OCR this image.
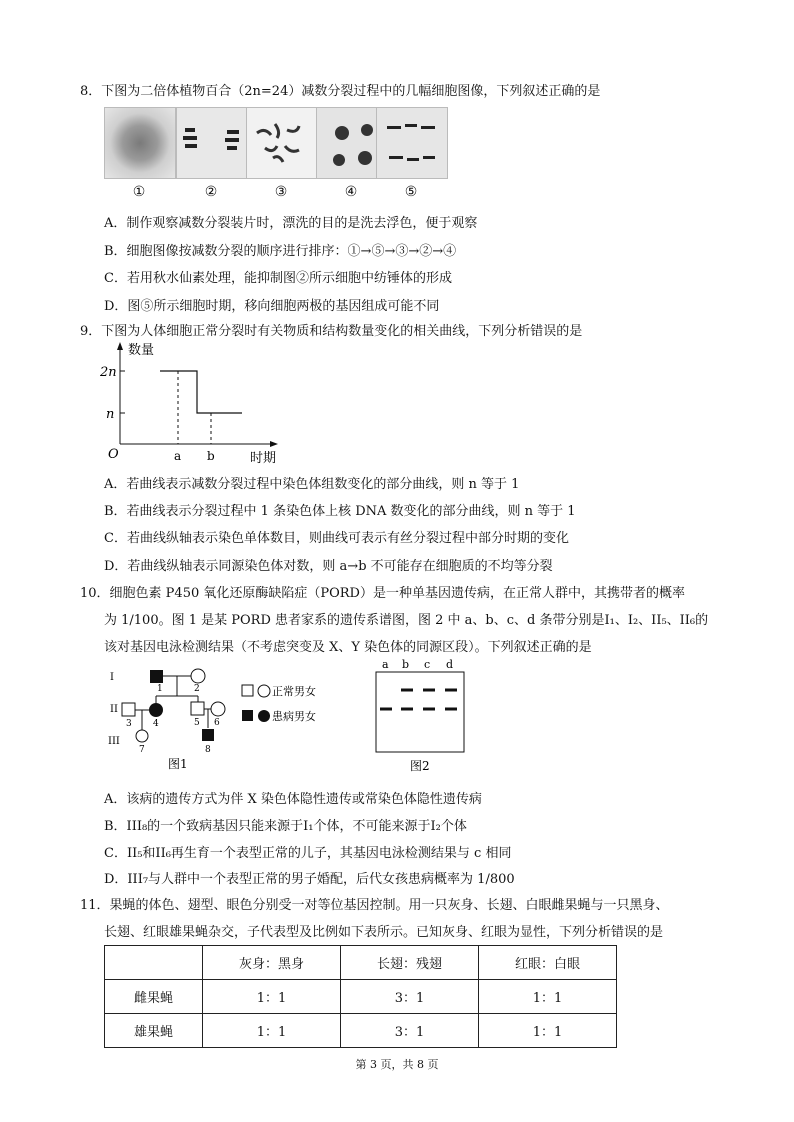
8．下图为二倍体植物百合（2n=24）减数分裂过程中的几幅细胞图像，下列叙述正确的是
①	②	③	④	⑤
A．制作观察减数分裂装片时，漂洗的目的是洗去浮色，便于观察
B．细胞图像按减数分裂的顺序进行排序：①→⑤→③→②→④
C．若用秋水仙素处理，能抑制图②所示细胞中纺锤体的形成
D．图⑤所示细胞时期，移向细胞两极的基因组成可能不同
9．下图为人体细胞正常分裂时有关物质和结构数量变化的相关曲线，下列分析错误的是
数量
时期
O
2n
n
a b
A．若曲线表示减数分裂过程中染色体组数变化的部分曲线，则 n 等于 1
B．若曲线表示分裂过程中 1 条染色体上核 DNA 数变化的部分曲线，则 n 等于 1
C．若曲线纵轴表示染色单体数目，则曲线可表示有丝分裂过程中部分时期的变化
D．若曲线纵轴表示同源染色体对数，则 a→b 不可能存在细胞质的不均等分裂
10．细胞色素 P450 氧化还原酶缺陷症（PORD）是一种单基因遗传病，在正常人群中，其携带者的概率
为 1/100。图 1 是某 PORD 患者家系的遗传系谱图，图 2 中 a、b、c、d 条带分别是I₁、I₂、II₅、II₆的
该对基因电泳检测结果（不考虑突变及 X、Y 染色体的同源区段）。下列叙述正确的是
I
II
III
1	2
3 4	5 6
7	8
正常男女
患病男女
图1
a b c d
图2
A．该病的遗传方式为伴 X 染色体隐性遗传或常染色体隐性遗传病
B．III₈的一个致病基因只能来源于I₁个体，不可能来源于I₂个体
C．II₅和II₆再生育一个表型正常的儿子，其基因电泳检测结果与 c 相同
D．III₇与人群中一个表型正常的男子婚配，后代女孩患病概率为 1/800
11．果蝇的体色、翅型、眼色分别受一对等位基因控制。用一只灰身、长翅、白眼雌果蝇与一只黑身、
长翅、红眼雄果蝇杂交，子代表型及比例如下表所示。已知灰身、红眼为显性，下列分析错误的是
	灰身：黑身	长翅：残翅	红眼：白眼
雌果蝇	1：1	3：1	1：1
雄果蝇	1：1	3：1	1：1
第 3 页，共 8 页
